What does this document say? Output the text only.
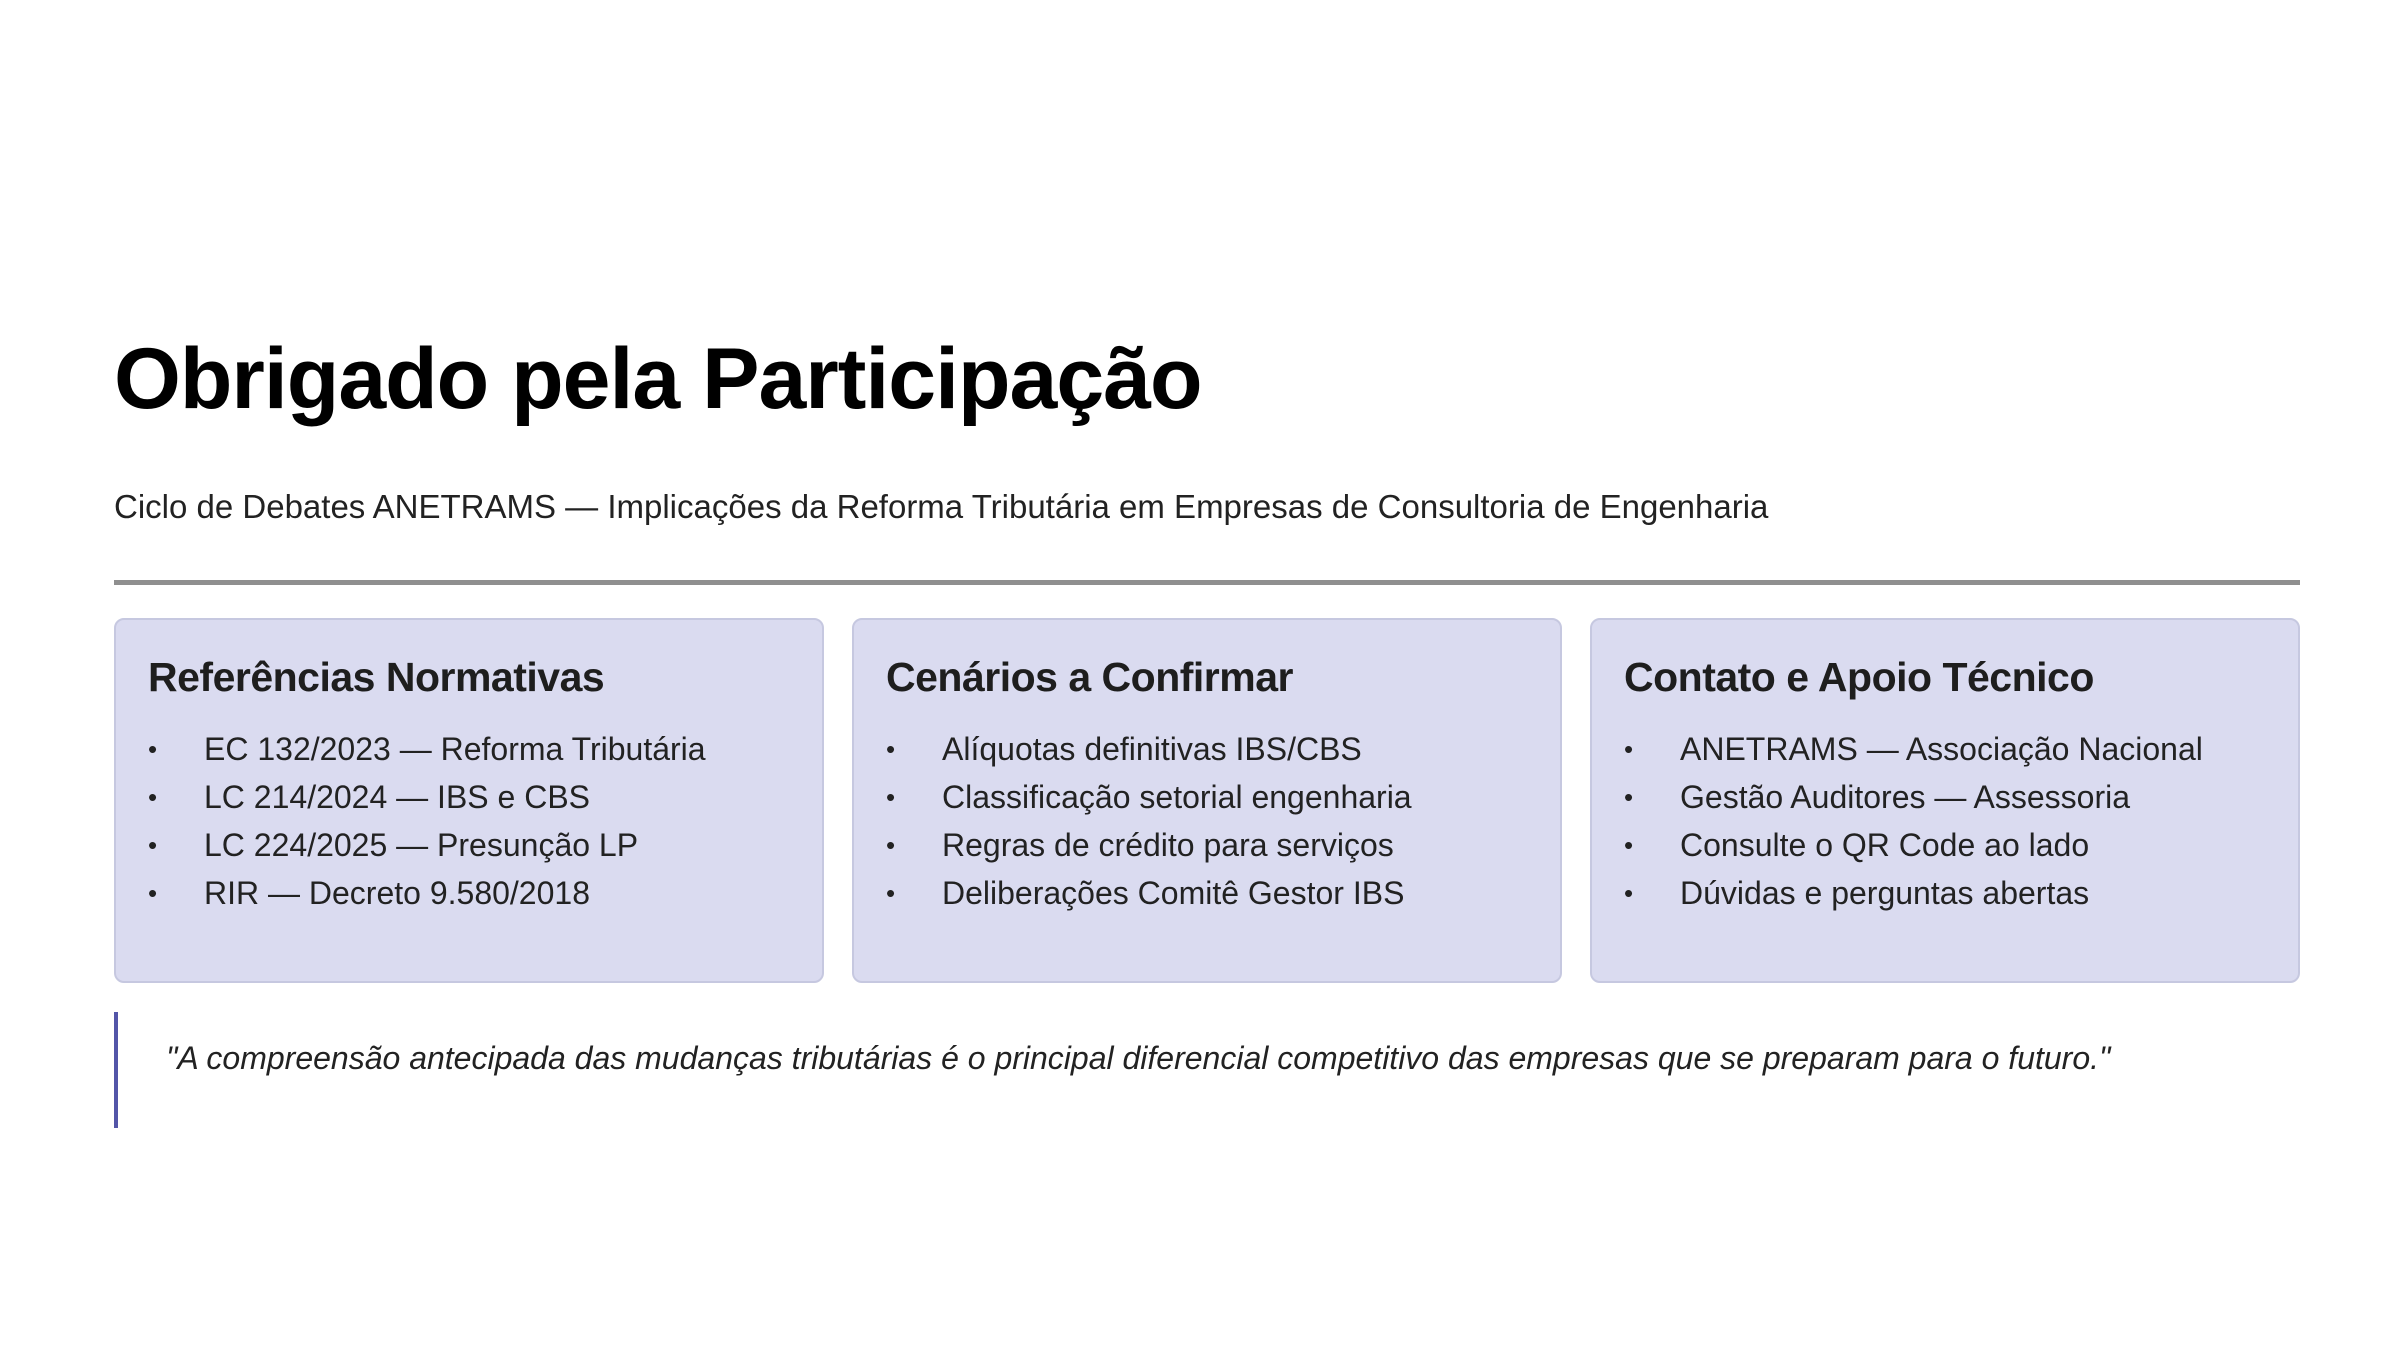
Obrigado pela Participação
Ciclo de Debates ANETRAMS — Implicações da Reforma Tributária em Empresas de Consultoria de Engenharia
Referências Normativas
•	EC 132/2023 — Reforma Tributária
•	LC 214/2024 — IBS e CBS
•	LC 224/2025 — Presunção LP
•	RIR — Decreto 9.580/2018
Cenários a Confirmar
•	Alíquotas definitivas IBS/CBS
•	Classificação setorial engenharia
•	Regras de crédito para serviços
•	Deliberações Comitê Gestor IBS
Contato e Apoio Técnico
•	ANETRAMS — Associação Nacional
•	Gestão Auditores — Assessoria
•	Consulte o QR Code ao lado
•	Dúvidas e perguntas abertas
"A compreensão antecipada das mudanças tributárias é o principal diferencial competitivo das empresas que se preparam para o futuro."
